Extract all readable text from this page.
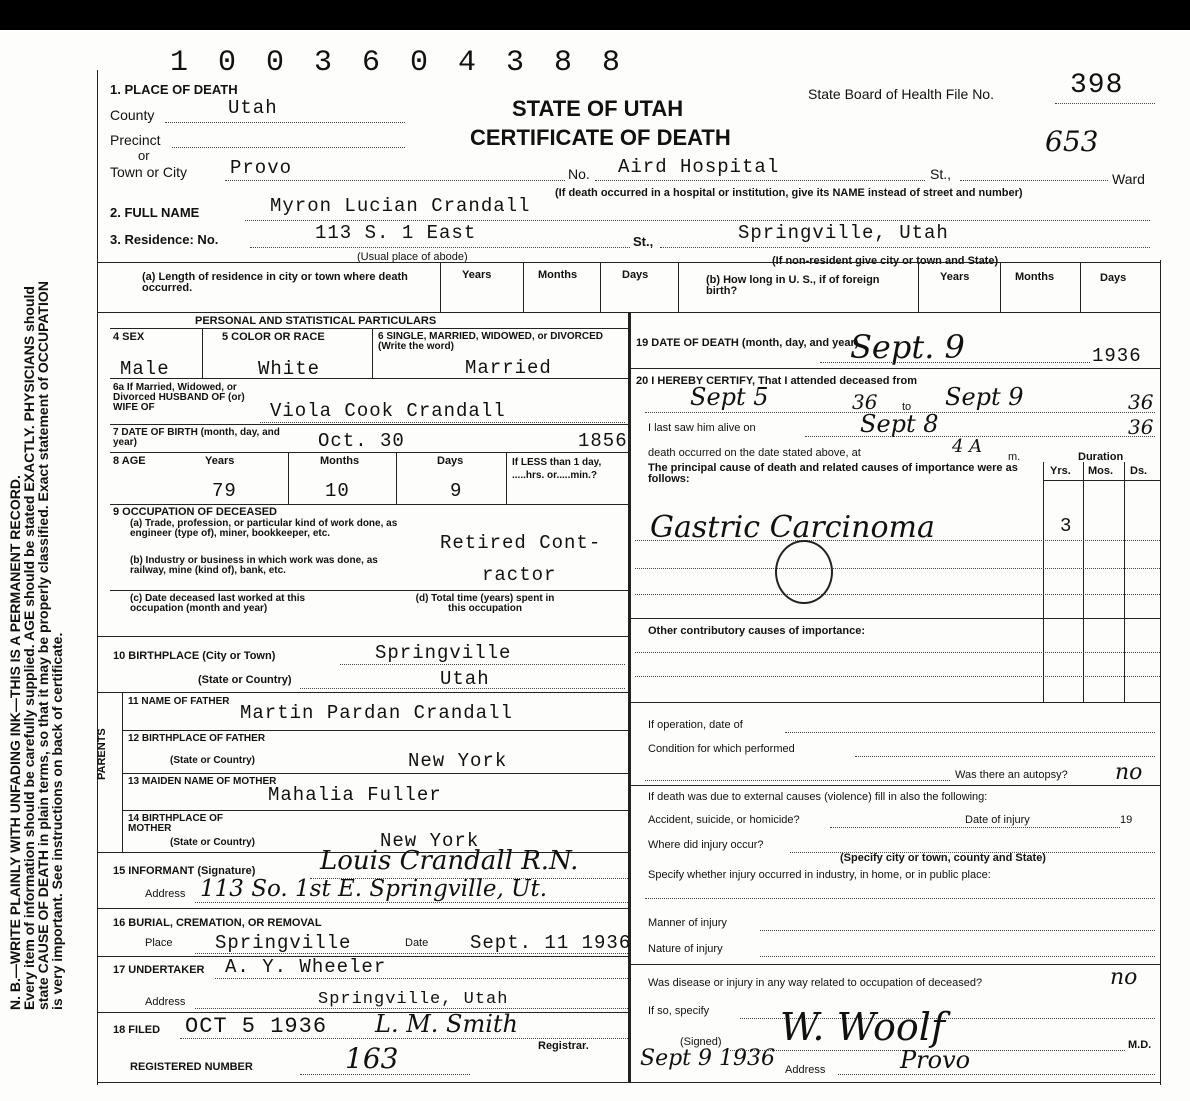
1 0 0 3 6 0 4 3 8 8
N. B.—WRITE PLAINLY WITH UNFADING INK—THIS IS A PERMANENT RECORD.
Every item of information should be carefully supplied. AGE should be stated EXACTLY. PHYSICIANS should
state CAUSE OF DEATH in plain terms, so that it may be properly classified. Exact statement of OCCUPATION
is very important. See instructions on back of certificate.
1. PLACE OF DEATH
STATE OF UTAH
CERTIFICATE OF DEATH
State Board of Health File No.	398
653
County	Utah
Precinct
or
Town or City Provo	No. Aird Hospital	St.,	Ward
(If death occurred in a hospital or institution, give its NAME instead of street and number)
2. FULL NAME	Myron Lucian Crandall
3. Residence: No.	113 S. 1 East	St.,	Springville, Utah
(Usual place of abode)	(If non-resident give city or town and State)
(a) Length of residence in city or town where death occurred.
Years	Months	Days	(b) How long in U. S., if of foreign birth?
Years	Months	Days
PERSONAL AND STATISTICAL PARTICULARS
4 SEX
Male
5 COLOR OR RACE
White
6 SINGLE, MARRIED, WIDOWED, or DIVORCED (Write the word)
Married
6a If Married, Widowed, or Divorced HUSBAND OF (or) WIFE OF	Viola Cook Crandall
7 DATE OF BIRTH (month, day, and year)	Oct. 30	1856
8 AGE	Years	Months	Days	If LESS than 1 day, .....hrs. or.....min.?
79	10	9
9 OCCUPATION OF DECEASED
(a) Trade, profession, or particular kind of work done, as engineer (type of), miner, bookkeeper, etc.	Retired Cont-
(b) Industry or business in which work was done, as railway, mine (kind of), bank, etc.	ractor
(c) Date deceased last worked at this occupation (month and year)
(d) Total time (years) spent in this occupation
10 BIRTHPLACE (City or Town)	Springville
(State or Country)	Utah
PARENTS
11 NAME OF FATHER
Martin Pardan Crandall
12 BIRTHPLACE OF FATHER
(State or Country)	New York
13 MAIDEN NAME OF MOTHER
Mahalia Fuller
14 BIRTHPLACE OF MOTHER
(State or Country)	New York
15 INFORMANT (Signature) Louis Crandall R.N.
Address 113 So. 1st E. Springville, Ut.
16 BURIAL, CREMATION, OR REMOVAL
Place Springville	Date Sept. 11 1936
17 UNDERTAKER A. Y. Wheeler
Address	Springville, Utah
18 FILED OCT 5 1936 L. M. Smith
Registrar.
REGISTERED NUMBER	163
19 DATE OF DEATH (month, day, and year)
Sept. 9	1936
20 I HEREBY CERTIFY, That I attended deceased from
Sept 5	36 to Sept 9	36
I last saw him alive on	Sept 8	36
death occurred on the date stated above, at	4 A m.	Duration
The principal cause of death and related causes of importance were as follows:
Yrs. Mos. Ds.
Gastric Carcinoma	3
Other contributory causes of importance:
If operation, date of
Condition for which performed
Was there an autopsy? no
If death was due to external causes (violence) fill in also the following:
Accident, suicide, or homicide?	Date of injury	19
Where did injury occur?
(Specify city or town, county and State)
Specify whether injury occurred in industry, in home, or in public place:
Manner of injury
Nature of injury
Was disease or injury in any way related to occupation of deceased?	no
If so, specify
(Signed) W. Woolf	M.D.
Sept 9 1936 Address	Provo
